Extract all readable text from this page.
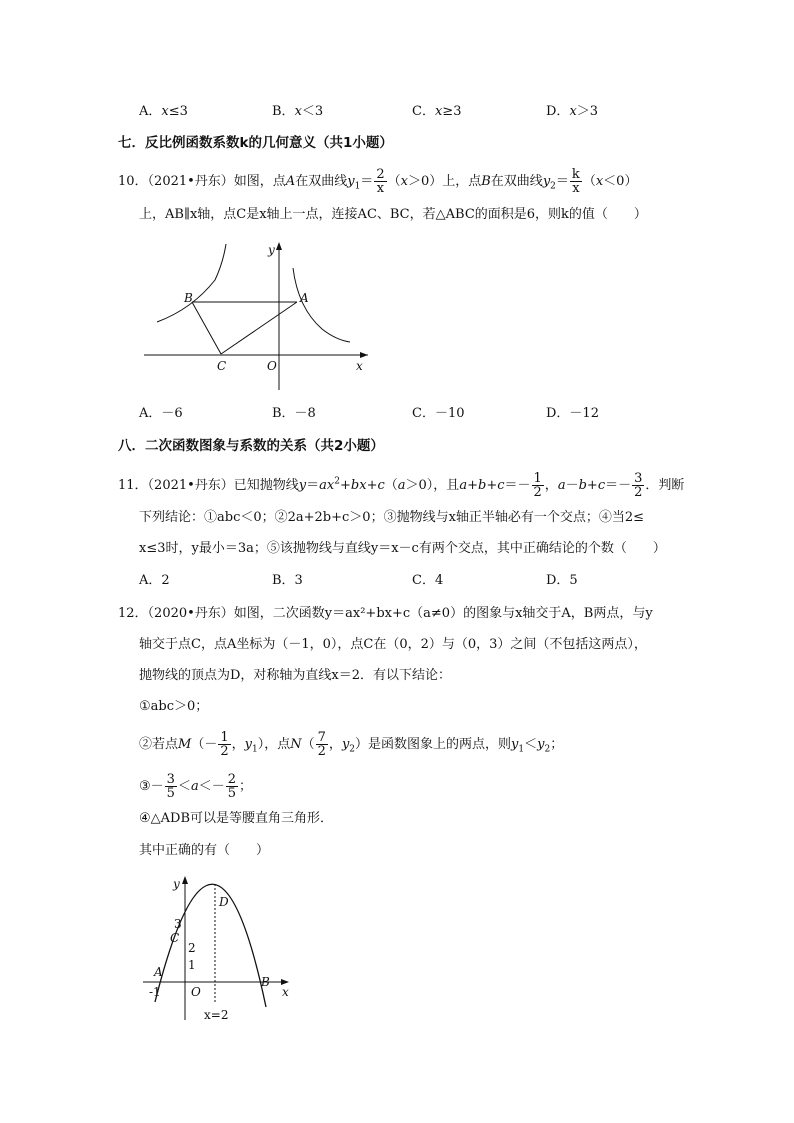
A．x≤3	B．x＜3	C．x≥3	D．x＞3
七．反比例函数系数k的几何意义（共1小题）
10．（2021•丹东）如图，点A在双曲线$y_1= \frac{2}{x} (x>0)$上，点B在双曲线$y_2= \frac{k}{x} (x<0)$
上，AB∥x轴，点C是x轴上一点，连接AC、BC，若△ABC的面积是6，则k的值（　　）
B	A
C	O	x
y
A．－6	B．－8	C．－10	D．－12
八．二次函数图象与系数的关系（共2小题）
11．（2021•丹东）已知抛物线$y=ax^2+bx+c(a>0)$，且$a+b+c=- \frac{1}{2}$ ，$a-b+c=- \frac{3}{2}$ ．判断
下列结论：①abc＜0；②2a+2b+c＞0；③抛物线与x轴正半轴必有一个交点；④当2≤
x≤3时，y最小＝3a；⑤该抛物线与直线y＝x－c有两个交点，其中正确结论的个数（　　）
A．2	B．3	C．4	D．5
12．（2020•丹东）如图，二次函数y＝ax²+bx+c（a≠0）的图象与x轴交于A，B两点，与y
轴交于点C，点A坐标为（－1，0），点C在（0，2）与（0，3）之间（不包括这两点），
抛物线的顶点为D，对称轴为直线x＝2．有以下结论：
①abc＞0；
②若点$M(- \frac{1}{2}$ ，$y_1$），点$N( \frac{7}{2}$ ，$y_2$）是函数图象上的两点，则$y_1<y_2$；
③－ $\frac{3}{5} <a<- \frac{2}{5}$ ；
④△ADB可以是等腰直角三角形．
其中正确的有（　　）
-1	O	x
y
3
2
1
C
A
B
D
x=2
